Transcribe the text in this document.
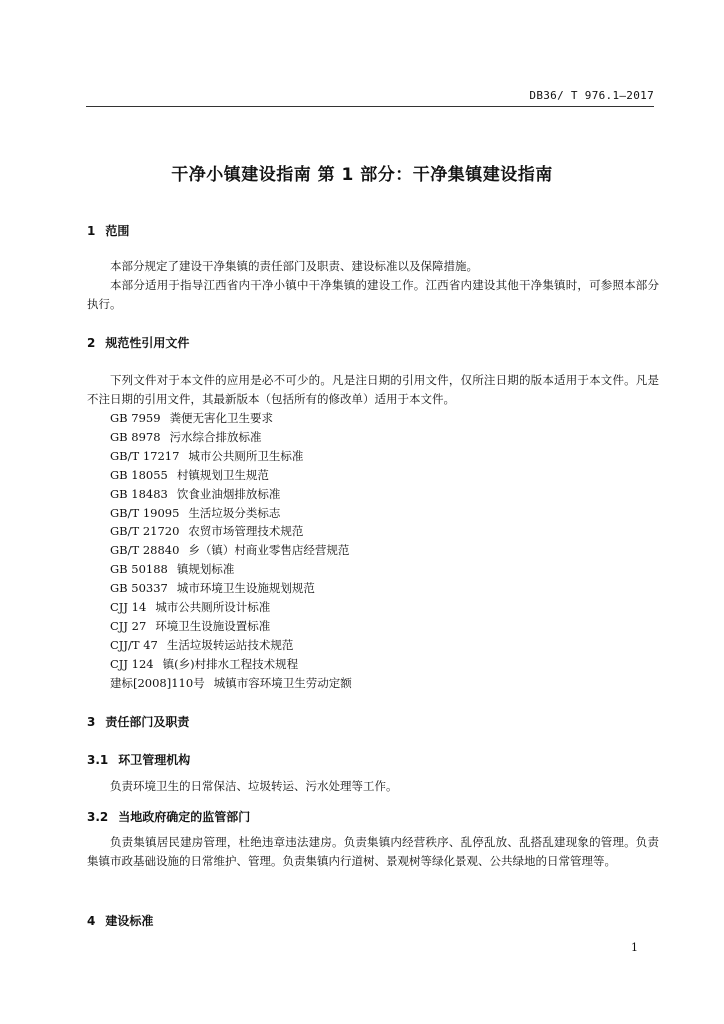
DB36/ T 976.1—2017
干净小镇建设指南 第 1 部分：干净集镇建设指南
1 范围
本部分规定了建设干净集镇的责任部门及职责、建设标准以及保障措施。
本部分适用于指导江西省内干净小镇中干净集镇的建设工作。江西省内建设其他干净集镇时，可参照本部分执行。
2 规范性引用文件
下列文件对于本文件的应用是必不可少的。凡是注日期的引用文件，仅所注日期的版本适用于本文件。凡是不注日期的引用文件，其最新版本（包括所有的修改单）适用于本文件。
GB 7959 粪便无害化卫生要求
GB 8978 污水综合排放标准
GB/T 17217 城市公共厕所卫生标准
GB 18055 村镇规划卫生规范
GB 18483 饮食业油烟排放标准
GB/T 19095 生活垃圾分类标志
GB/T 21720 农贸市场管理技术规范
GB/T 28840 乡（镇）村商业零售店经营规范
GB 50188 镇规划标准
GB 50337 城市环境卫生设施规划规范
CJJ 14 城市公共厕所设计标准
CJJ 27 环境卫生设施设置标准
CJJ/T 47 生活垃圾转运站技术规范
CJJ 124 镇(乡)村排水工程技术规程
建标[2008]110号 城镇市容环境卫生劳动定额
3 责任部门及职责
3.1 环卫管理机构
负责环境卫生的日常保洁、垃圾转运、污水处理等工作。
3.2 当地政府确定的监管部门
负责集镇居民建房管理，杜绝违章违法建房。负责集镇内经营秩序、乱停乱放、乱搭乱建现象的管理。负责集镇市政基础设施的日常维护、管理。负责集镇内行道树、景观树等绿化景观、公共绿地的日常管理等。
4 建设标准
1
